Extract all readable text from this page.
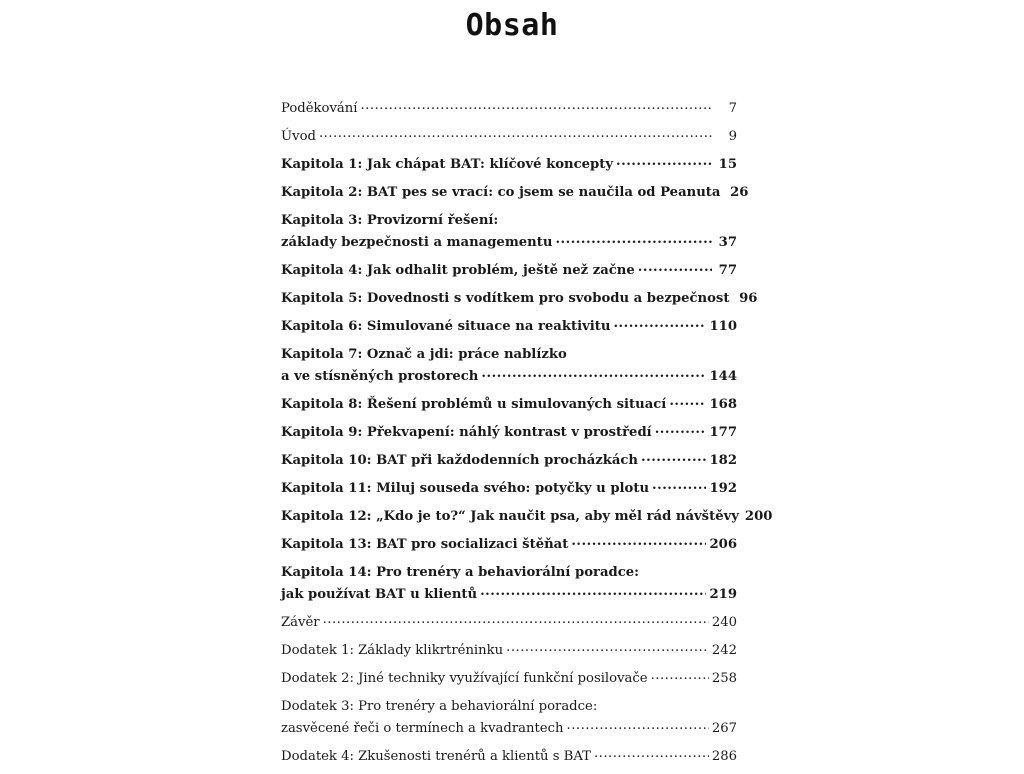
Obsah
Poděkování .....	7
Úvod .....	9
Kapitola 1: Jak chápat BAT: klíčové koncepty .....	15
Kapitola 2: BAT pes se vrací: co jsem se naučila od Peanuta 26
Kapitola 3: Provizorní řešení:
základy bezpečnosti a managementu .....	37
Kapitola 4: Jak odhalit problém, ještě než začne .....	77
Kapitola 5: Dovednosti s vodítkem pro svobodu a bezpečnost 96
Kapitola 6: Simulované situace na reaktivitu .....	110
Kapitola 7: Označ a jdi: práce nablízko
a ve stísněných prostorech .....	144
Kapitola 8: Řešení problémů u simulovaných situací .....	168
Kapitola 9: Překvapení: náhlý kontrast v prostředí .....	177
Kapitola 10: BAT při každodenních procházkách .....	182
Kapitola 11: Miluj souseda svého: potyčky u plotu .....	192
Kapitola 12: „Kdo je to?“ Jak naučit psa, aby měl rád návštěvy 200
Kapitola 13: BAT pro socializaci štěňat .....	206
Kapitola 14: Pro trenéry a behaviorální poradce:
jak používat BAT u klientů .....	219
Závěr .....	240
Dodatek 1: Základy klikrtréninku .....	242
Dodatek 2: Jiné techniky využívající funkční posilovače .....	258
Dodatek 3: Pro trenéry a behaviorální poradce:
zasvěcené řeči o termínech a kvadrantech .....	267
Dodatek 4: Zkušenosti trenérů a klientů s BAT .....	286
